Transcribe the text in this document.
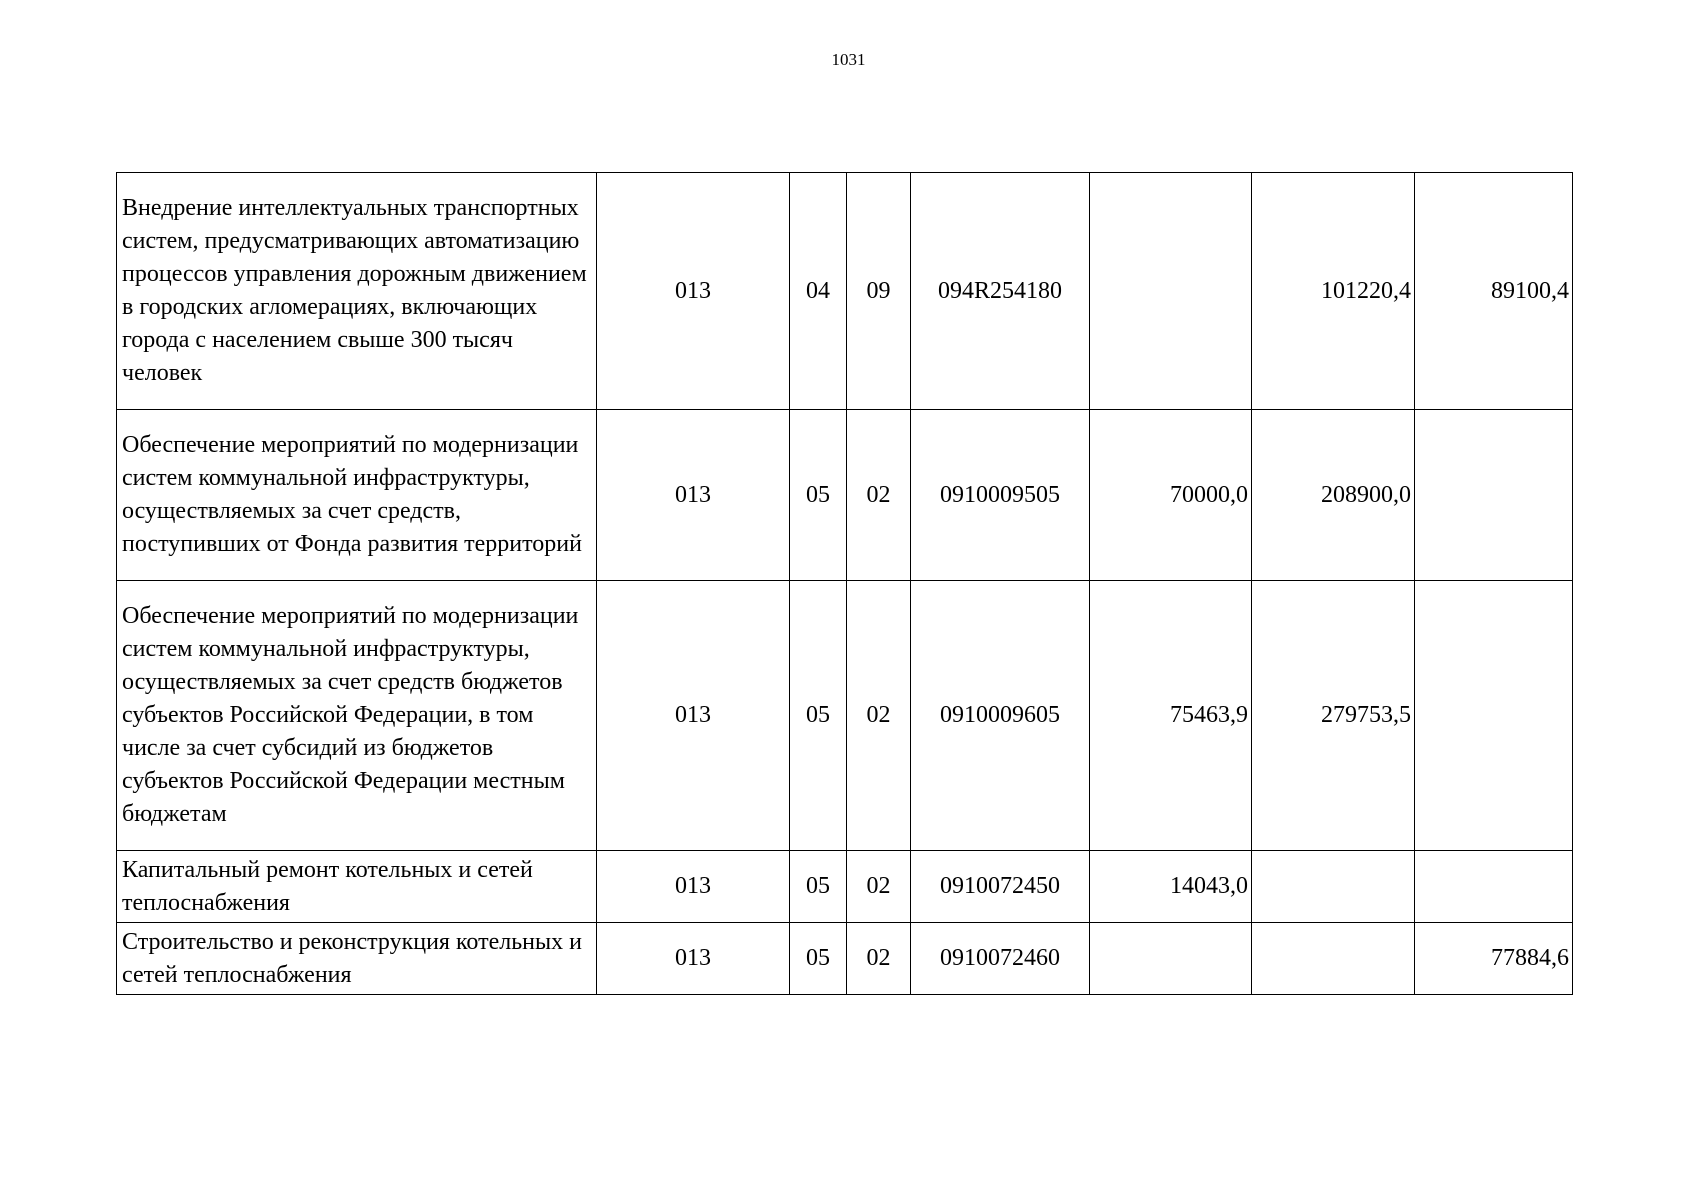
1031
Внедрение интеллектуальных транспортных систем, предусматривающих автоматизацию процессов управления дорожным движением в городских агломерациях, включающих города с населением свыше 300 тысяч человек	013	04	09	094R254180		101220,4	89100,4
Обеспечение мероприятий по модернизации систем коммунальной инфраструктуры, осуществляемых за счет средств, поступивших от Фонда развития территорий	013	05	02	0910009505	70000,0	208900,0	
Обеспечение мероприятий по модернизации систем коммунальной инфраструктуры, осуществляемых за счет средств бюджетов субъектов Российской Федерации, в том числе за счет субсидий из бюджетов субъектов Российской Федерации местным бюджетам	013	05	02	0910009605	75463,9	279753,5	
Капитальный ремонт котельных и сетей теплоснабжения	013	05	02	0910072450	14043,0		
Строительство и реконструкция котельных и сетей теплоснабжения	013	05	02	0910072460			77884,6
